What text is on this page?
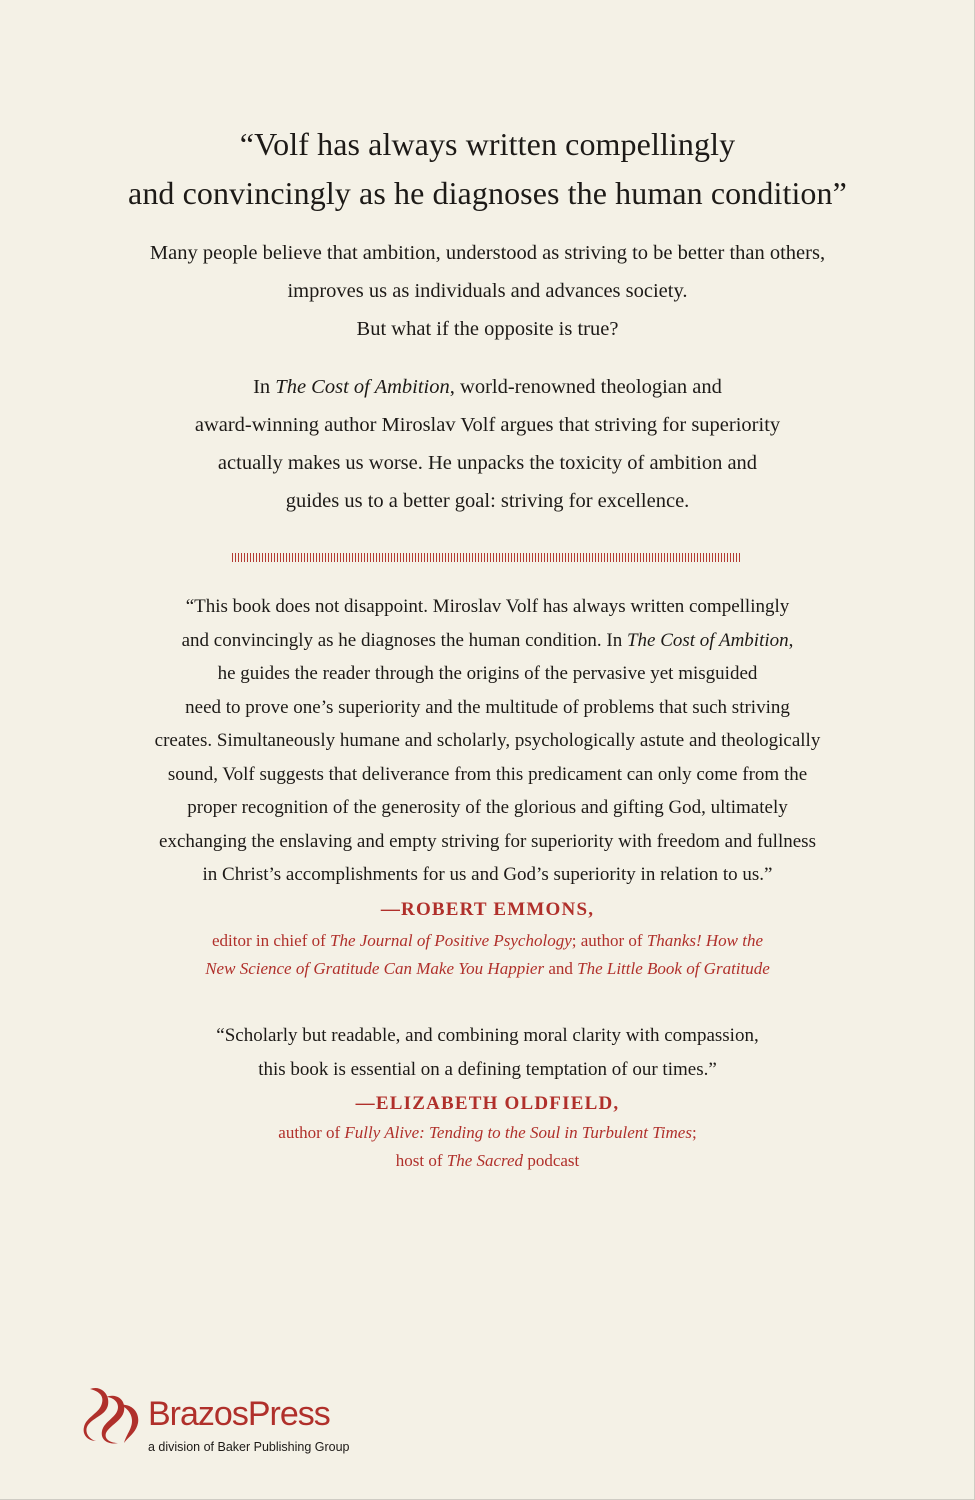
“Volf has always written compellingly
and convincingly as he diagnoses the human condition”
Many people believe that ambition, understood as striving to be better than others,
improves us as individuals and advances society.
But what if the opposite is true?
In The Cost of Ambition, world-renowned theologian and
award-winning author Miroslav Volf argues that striving for superiority
actually makes us worse. He unpacks the toxicity of ambition and
guides us to a better goal: striving for excellence.
“This book does not disappoint. Miroslav Volf has always written compellingly
and convincingly as he diagnoses the human condition. In The Cost of Ambition,
he guides the reader through the origins of the pervasive yet misguided
need to prove one’s superiority and the multitude of problems that such striving
creates. Simultaneously humane and scholarly, psychologically astute and theologically
sound, Volf suggests that deliverance from this predicament can only come from the
proper recognition of the generosity of the glorious and gifting God, ultimately
exchanging the enslaving and empty striving for superiority with freedom and fullness
in Christ’s accomplishments for us and God’s superiority in relation to us.”
—ROBERT EMMONS,
editor in chief of The Journal of Positive Psychology; author of Thanks! How the
New Science of Gratitude Can Make You Happier and The Little Book of Gratitude
“Scholarly but readable, and combining moral clarity with compassion,
this book is essential on a defining temptation of our times.”
—ELIZABETH OLDFIELD,
author of Fully Alive: Tending to the Soul in Turbulent Times;
host of The Sacred podcast
BrazosPress
a division of Baker Publishing Group
